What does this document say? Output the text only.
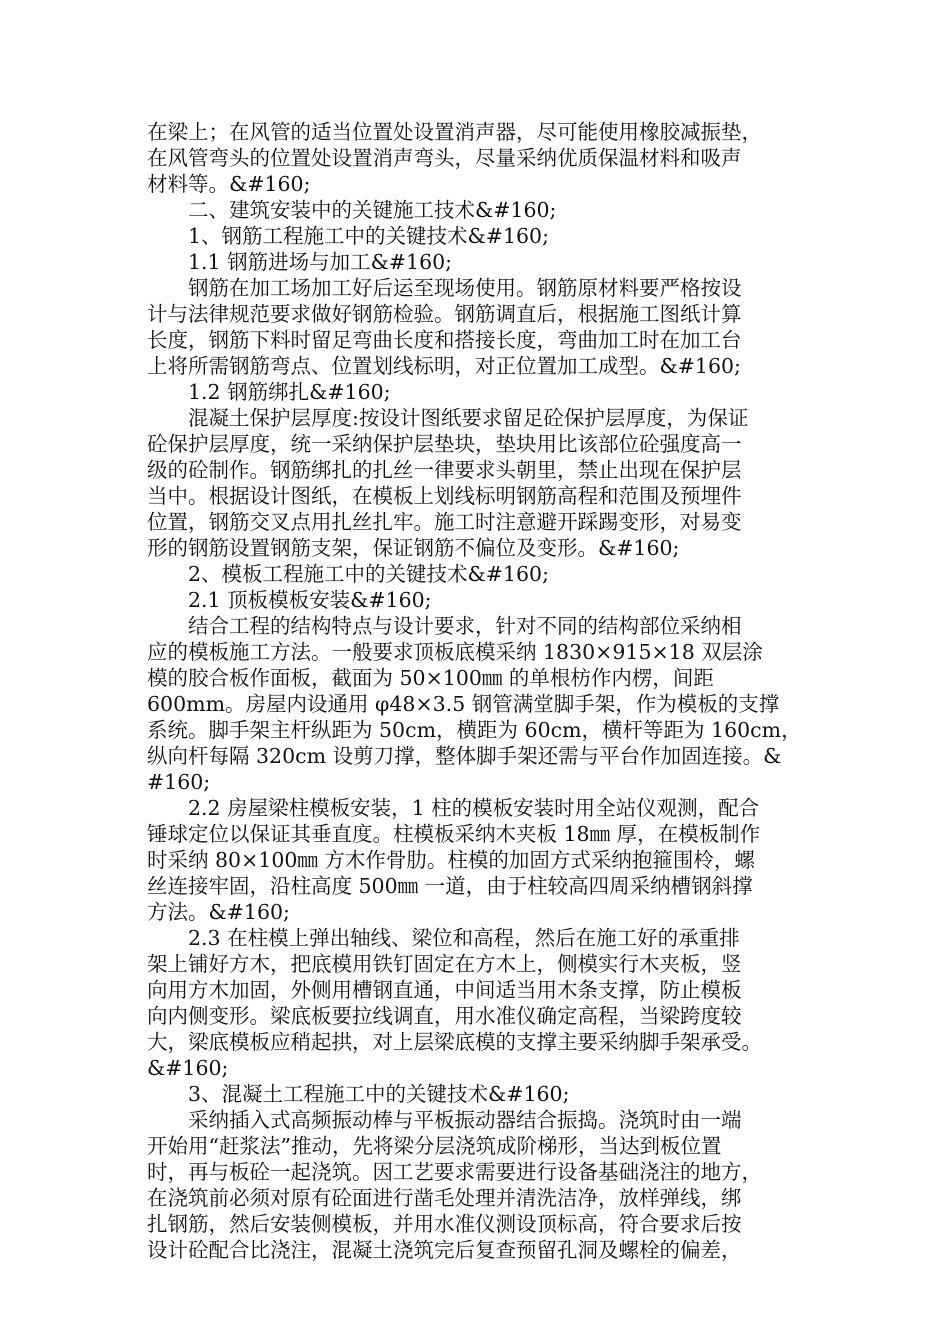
在梁上；在风管的适当位置处设置消声器，尽可能使用橡胶减振垫，
在风管弯头的位置处设置消声弯头，尽量采纳优质保温材料和吸声
材料等。&#160;
二、建筑安装中的关键施工技术&#160;
1、钢筋工程施工中的关键技术&#160;
1.1 钢筋进场与加工&#160;
钢筋在加工场加工好后运至现场使用。钢筋原材料要严格按设
计与法律规范要求做好钢筋检验。钢筋调直后，根据施工图纸计算
长度，钢筋下料时留足弯曲长度和搭接长度，弯曲加工时在加工台
上将所需钢筋弯点、位置划线标明，对正位置加工成型。&#160;
1.2 钢筋绑扎&#160;
混凝土保护层厚度:按设计图纸要求留足砼保护层厚度，为保证
砼保护层厚度，统一采纳保护层垫块，垫块用比该部位砼强度高一
级的砼制作。钢筋绑扎的扎丝一律要求头朝里，禁止出现在保护层
当中。根据设计图纸，在模板上划线标明钢筋高程和范围及预埋件
位置，钢筋交叉点用扎丝扎牢。施工时注意避开踩踢变形，对易变
形的钢筋设置钢筋支架，保证钢筋不偏位及变形。&#160;
2、模板工程施工中的关键技术&#160;
2.1 顶板模板安装&#160;
结合工程的结构特点与设计要求，针对不同的结构部位采纳相
应的模板施工方法。一般要求顶板底模采纳 1830×915×18 双层涂
模的胶合板作面板，截面为 50×100㎜ 的单根枋作内楞，间距
600mm。房屋内设通用 φ48×3.5 钢管满堂脚手架，作为模板的支撑
系统。脚手架主杆纵距为 50cm，横距为 60cm，横杆等距为 160cm，
纵向杆每隔 320cm 设剪刀撑，整体脚手架还需与平台作加固连接。&
#160;
2.2 房屋梁柱模板安装，1 柱的模板安装时用全站仪观测，配合
锤球定位以保证其垂直度。柱模板采纳木夹板 18㎜ 厚，在模板制作
时采纳 80×100㎜ 方木作骨肋。柱模的加固方式采纳抱箍围柃，螺
丝连接牢固，沿柱高度 500㎜ 一道，由于柱较高四周采纳槽钢斜撑
方法。&#160;
2.3 在柱模上弹出轴线、梁位和高程，然后在施工好的承重排
架上铺好方木，把底模用铁钉固定在方木上，侧模实行木夹板，竖
向用方木加固，外侧用槽钢直通，中间适当用木条支撑，防止模板
向内侧变形。梁底板要拉线调直，用水准仪确定高程，当梁跨度较
大，梁底模板应稍起拱，对上层梁底模的支撑主要采纳脚手架承受。
&#160;
3、混凝土工程施工中的关键技术&#160;
采纳插入式高频振动棒与平板振动器结合振捣。浇筑时由一端
开始用“赶浆法”推动，先将梁分层浇筑成阶梯形，当达到板位置
时，再与板砼一起浇筑。因工艺要求需要进行设备基础浇注的地方，
在浇筑前必须对原有砼面进行凿毛处理并清洗洁净，放样弹线，绑
扎钢筋，然后安装侧模板，并用水准仪测设顶标高，符合要求后按
设计砼配合比浇注，混凝土浇筑完后复查预留孔洞及螺栓的偏差，
